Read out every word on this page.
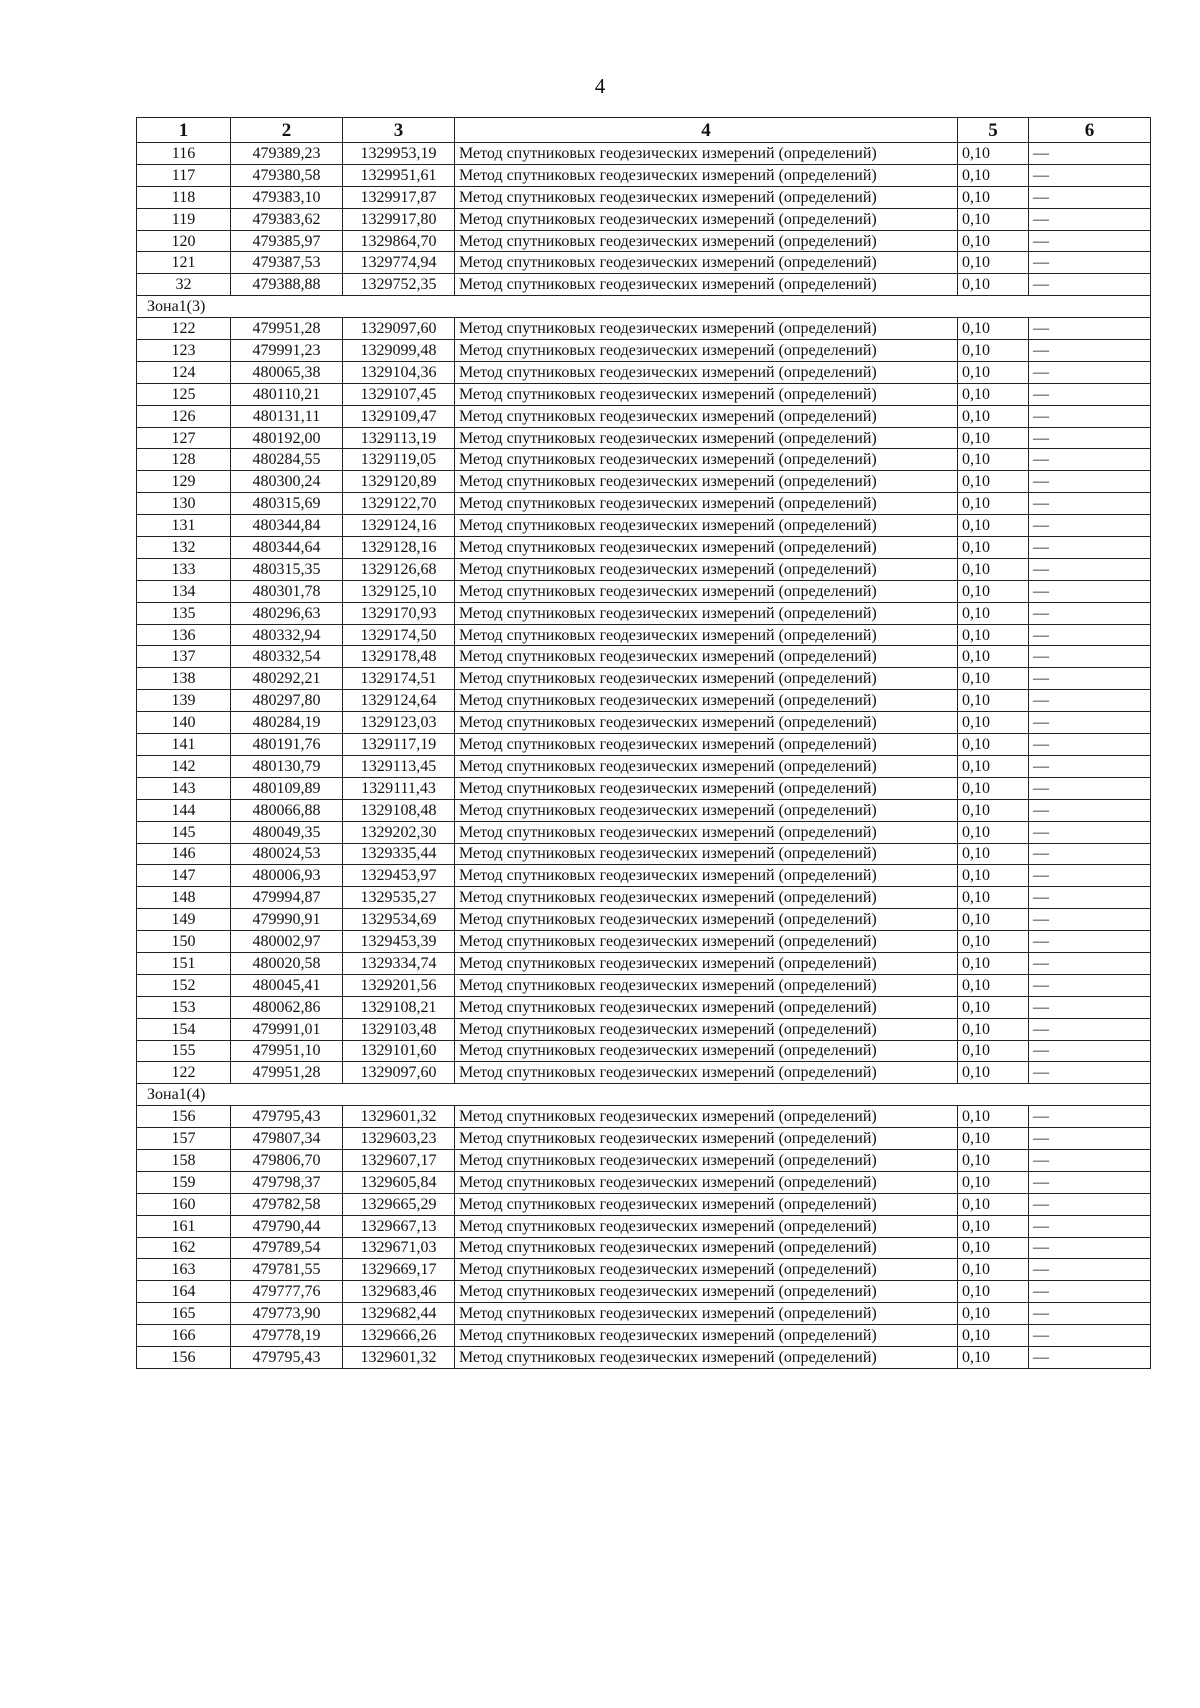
4
1	2	3	4	5	6
116	479389,23	1329953,19	Метод спутниковых геодезических измерений (определений)	0,10	—
117	479380,58	1329951,61	Метод спутниковых геодезических измерений (определений)	0,10	—
118	479383,10	1329917,87	Метод спутниковых геодезических измерений (определений)	0,10	—
119	479383,62	1329917,80	Метод спутниковых геодезических измерений (определений)	0,10	—
120	479385,97	1329864,70	Метод спутниковых геодезических измерений (определений)	0,10	—
121	479387,53	1329774,94	Метод спутниковых геодезических измерений (определений)	0,10	—
32	479388,88	1329752,35	Метод спутниковых геодезических измерений (определений)	0,10	—
Зона1(3)					
122	479951,28	1329097,60	Метод спутниковых геодезических измерений (определений)	0,10	—
123	479991,23	1329099,48	Метод спутниковых геодезических измерений (определений)	0,10	—
124	480065,38	1329104,36	Метод спутниковых геодезических измерений (определений)	0,10	—
125	480110,21	1329107,45	Метод спутниковых геодезических измерений (определений)	0,10	—
126	480131,11	1329109,47	Метод спутниковых геодезических измерений (определений)	0,10	—
127	480192,00	1329113,19	Метод спутниковых геодезических измерений (определений)	0,10	—
128	480284,55	1329119,05	Метод спутниковых геодезических измерений (определений)	0,10	—
129	480300,24	1329120,89	Метод спутниковых геодезических измерений (определений)	0,10	—
130	480315,69	1329122,70	Метод спутниковых геодезических измерений (определений)	0,10	—
131	480344,84	1329124,16	Метод спутниковых геодезических измерений (определений)	0,10	—
132	480344,64	1329128,16	Метод спутниковых геодезических измерений (определений)	0,10	—
133	480315,35	1329126,68	Метод спутниковых геодезических измерений (определений)	0,10	—
134	480301,78	1329125,10	Метод спутниковых геодезических измерений (определений)	0,10	—
135	480296,63	1329170,93	Метод спутниковых геодезических измерений (определений)	0,10	—
136	480332,94	1329174,50	Метод спутниковых геодезических измерений (определений)	0,10	—
137	480332,54	1329178,48	Метод спутниковых геодезических измерений (определений)	0,10	—
138	480292,21	1329174,51	Метод спутниковых геодезических измерений (определений)	0,10	—
139	480297,80	1329124,64	Метод спутниковых геодезических измерений (определений)	0,10	—
140	480284,19	1329123,03	Метод спутниковых геодезических измерений (определений)	0,10	—
141	480191,76	1329117,19	Метод спутниковых геодезических измерений (определений)	0,10	—
142	480130,79	1329113,45	Метод спутниковых геодезических измерений (определений)	0,10	—
143	480109,89	1329111,43	Метод спутниковых геодезических измерений (определений)	0,10	—
144	480066,88	1329108,48	Метод спутниковых геодезических измерений (определений)	0,10	—
145	480049,35	1329202,30	Метод спутниковых геодезических измерений (определений)	0,10	—
146	480024,53	1329335,44	Метод спутниковых геодезических измерений (определений)	0,10	—
147	480006,93	1329453,97	Метод спутниковых геодезических измерений (определений)	0,10	—
148	479994,87	1329535,27	Метод спутниковых геодезических измерений (определений)	0,10	—
149	479990,91	1329534,69	Метод спутниковых геодезических измерений (определений)	0,10	—
150	480002,97	1329453,39	Метод спутниковых геодезических измерений (определений)	0,10	—
151	480020,58	1329334,74	Метод спутниковых геодезических измерений (определений)	0,10	—
152	480045,41	1329201,56	Метод спутниковых геодезических измерений (определений)	0,10	—
153	480062,86	1329108,21	Метод спутниковых геодезических измерений (определений)	0,10	—
154	479991,01	1329103,48	Метод спутниковых геодезических измерений (определений)	0,10	—
155	479951,10	1329101,60	Метод спутниковых геодезических измерений (определений)	0,10	—
122	479951,28	1329097,60	Метод спутниковых геодезических измерений (определений)	0,10	—
Зона1(4)					
156	479795,43	1329601,32	Метод спутниковых геодезических измерений (определений)	0,10	—
157	479807,34	1329603,23	Метод спутниковых геодезических измерений (определений)	0,10	—
158	479806,70	1329607,17	Метод спутниковых геодезических измерений (определений)	0,10	—
159	479798,37	1329605,84	Метод спутниковых геодезических измерений (определений)	0,10	—
160	479782,58	1329665,29	Метод спутниковых геодезических измерений (определений)	0,10	—
161	479790,44	1329667,13	Метод спутниковых геодезических измерений (определений)	0,10	—
162	479789,54	1329671,03	Метод спутниковых геодезических измерений (определений)	0,10	—
163	479781,55	1329669,17	Метод спутниковых геодезических измерений (определений)	0,10	—
164	479777,76	1329683,46	Метод спутниковых геодезических измерений (определений)	0,10	—
165	479773,90	1329682,44	Метод спутниковых геодезических измерений (определений)	0,10	—
166	479778,19	1329666,26	Метод спутниковых геодезических измерений (определений)	0,10	—
156	479795,43	1329601,32	Метод спутниковых геодезических измерений (определений)	0,10	—
